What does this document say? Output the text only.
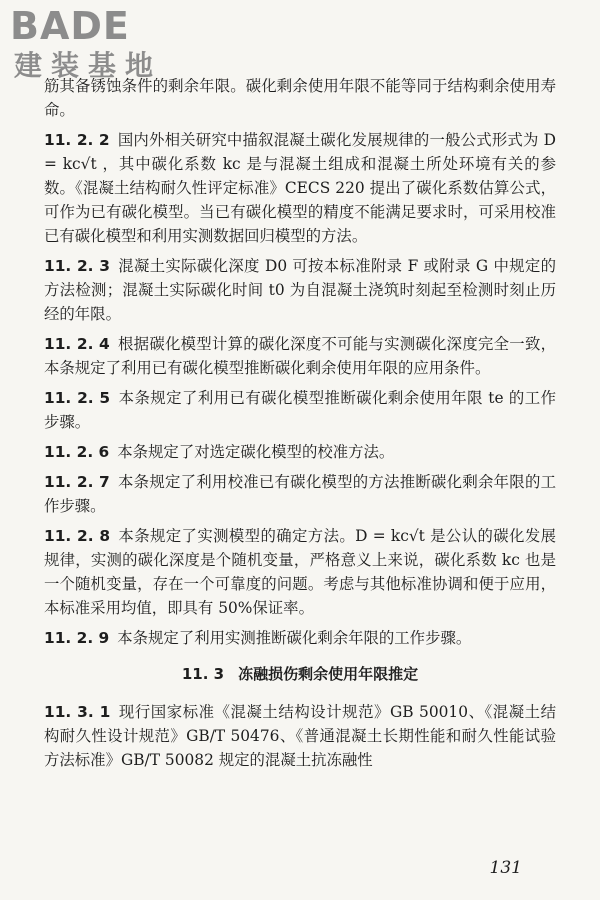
BADE
建装基地

筋其备锈蚀条件的剩余年限。碳化剩余使用年限不能等同于结构剩余使用寿命。

11. 2. 2 国内外相关研究中描叙混凝土碳化发展规律的一般公式形式为 D = kc√t ，其中碳化系数 kc 是与混凝土组成和混凝土所处环境有关的参数。《混凝土结构耐久性评定标准》CECS 220 提出了碳化系数估算公式，可作为已有碳化模型。当已有碳化模型的精度不能满足要求时，可采用校准已有碳化模型和利用实测数据回归模型的方法。

11. 2. 3 混凝土实际碳化深度 D0 可按本标准附录 F 或附录 G 中规定的方法检测；混凝土实际碳化时间 t0 为自混凝土浇筑时刻起至检测时刻止历经的年限。

11. 2. 4 根据碳化模型计算的碳化深度不可能与实测碳化深度完全一致，本条规定了利用已有碳化模型推断碳化剩余使用年限的应用条件。

11. 2. 5 本条规定了利用已有碳化模型推断碳化剩余使用年限 te 的工作步骤。

11. 2. 6 本条规定了对选定碳化模型的校准方法。

11. 2. 7 本条规定了利用校准已有碳化模型的方法推断碳化剩余年限的工作步骤。

11. 2. 8 本条规定了实测模型的确定方法。D = kc√t 是公认的碳化发展规律，实测的碳化深度是个随机变量，严格意义上来说，碳化系数 kc 也是一个随机变量，存在一个可靠度的问题。考虑与其他标准协调和便于应用，本标准采用均值，即具有 50%保证率。

11. 2. 9 本条规定了利用实测推断碳化剩余年限的工作步骤。

11. 3 冻融损伤剩余使用年限推定

11. 3. 1 现行国家标准《混凝土结构设计规范》GB 50010、《混凝土结构耐久性设计规范》GB/T 50476、《普通混凝土长期性能和耐久性能试验方法标准》GB/T 50082 规定的混凝土抗冻融性

131
